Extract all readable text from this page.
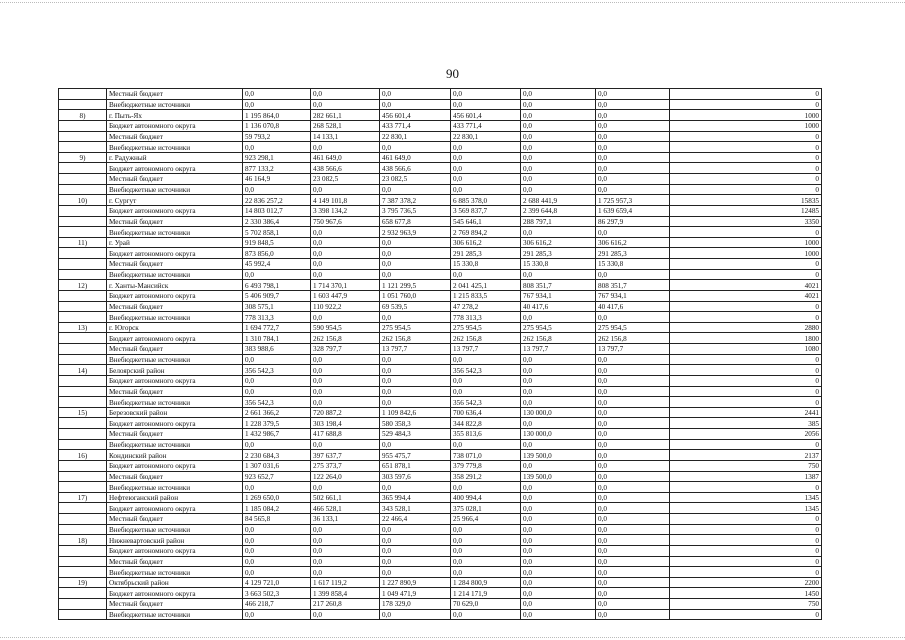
90
	Местный бюджет	0,0	0,0	0,0	0,0	0,0	0,0	0
	Внебюджетные источники	0,0	0,0	0,0	0,0	0,0	0,0	0
8)	г. Пыть-Ях	1 195 864,0	282 661,1	456 601,4	456 601,4	0,0	0,0	1000
	Бюджет автономного округа	1 136 070,8	268 528,1	433 771,4	433 771,4	0,0	0,0	1000
	Местный бюджет	59 793,2	14 133,1	22 830,1	22 830,1	0,0	0,0	0
	Внебюджетные источники	0,0	0,0	0,0	0,0	0,0	0,0	0
9)	г. Радужный	923 298,1	461 649,0	461 649,0	0,0	0,0	0,0	0
	Бюджет автономного округа	877 133,2	438 566,6	438 566,6	0,0	0,0	0,0	0
	Местный бюджет	46 164,9	23 082,5	23 082,5	0,0	0,0	0,0	0
	Внебюджетные источники	0,0	0,0	0,0	0,0	0,0	0,0	0
10)	г. Сургут	22 836 257,2	4 149 101,8	7 387 378,2	6 885 378,0	2 688 441,9	1 725 957,3	15835
	Бюджет автономного округа	14 803 012,7	3 398 134,2	3 795 736,5	3 569 837,7	2 399 644,8	1 639 659,4	12485
	Местный бюджет	2 330 386,4	750 967,6	658 677,8	545 646,1	288 797,1	86 297,9	3350
	Внебюджетные источники	5 702 858,1	0,0	2 932 963,9	2 769 894,2	0,0	0,0	0
11)	г. Урай	919 848,5	0,0	0,0	306 616,2	306 616,2	306 616,2	1000
	Бюджет автономного округа	873 856,0	0,0	0,0	291 285,3	291 285,3	291 285,3	1000
	Местный бюджет	45 992,4	0,0	0,0	15 330,8	15 330,8	15 330,8	0
	Внебюджетные источники	0,0	0,0	0,0	0,0	0,0	0,0	0
12)	г. Ханты-Мансийск	6 493 798,1	1 714 370,1	1 121 299,5	2 041 425,1	808 351,7	808 351,7	4021
	Бюджет автономного округа	5 406 909,7	1 603 447,9	1 051 760,0	1 215 833,5	767 934,1	767 934,1	4021
	Местный бюджет	308 575,1	110 922,2	69 539,5	47 278,2	40 417,6	40 417,6	0
	Внебюджетные источники	778 313,3	0,0	0,0	778 313,3	0,0	0,0	0
13)	г. Югорск	1 694 772,7	590 954,5	275 954,5	275 954,5	275 954,5	275 954,5	2880
	Бюджет автономного округа	1 310 784,1	262 156,8	262 156,8	262 156,8	262 156,8	262 156,8	1800
	Местный бюджет	383 988,6	328 797,7	13 797,7	13 797,7	13 797,7	13 797,7	1080
	Внебюджетные источники	0,0	0,0	0,0	0,0	0,0	0,0	0
14)	Белоярский район	356 542,3	0,0	0,0	356 542,3	0,0	0,0	0
	Бюджет автономного округа	0,0	0,0	0,0	0,0	0,0	0,0	0
	Местный бюджет	0,0	0,0	0,0	0,0	0,0	0,0	0
	Внебюджетные источники	356 542,3	0,0	0,0	356 542,3	0,0	0,0	0
15)	Березовский район	2 661 366,2	720 887,2	1 109 842,6	700 636,4	130 000,0	0,0	2441
	Бюджет автономного округа	1 228 379,5	303 198,4	580 358,3	344 822,8	0,0	0,0	385
	Местный бюджет	1 432 986,7	417 688,8	529 484,3	355 813,6	130 000,0	0,0	2056
	Внебюджетные источники	0,0	0,0	0,0	0,0	0,0	0,0	0
16)	Кондинский район	2 230 684,3	397 637,7	955 475,7	738 071,0	139 500,0	0,0	2137
	Бюджет автономного округа	1 307 031,6	275 373,7	651 878,1	379 779,8	0,0	0,0	750
	Местный бюджет	923 652,7	122 264,0	303 597,6	358 291,2	139 500,0	0,0	1387
	Внебюджетные источники	0,0	0,0	0,0	0,0	0,0	0,0	0
17)	Нефтеюганский район	1 269 650,0	502 661,1	365 994,4	400 994,4	0,0	0,0	1345
	Бюджет автономного округа	1 185 084,2	466 528,1	343 528,1	375 028,1	0,0	0,0	1345
	Местный бюджет	84 565,8	36 133,1	22 466,4	25 966,4	0,0	0,0	0
	Внебюджетные источники	0,0	0,0	0,0	0,0	0,0	0,0	0
18)	Нижневартовский район	0,0	0,0	0,0	0,0	0,0	0,0	0
	Бюджет автономного округа	0,0	0,0	0,0	0,0	0,0	0,0	0
	Местный бюджет	0,0	0,0	0,0	0,0	0,0	0,0	0
	Внебюджетные источники	0,0	0,0	0,0	0,0	0,0	0,0	0
19)	Октябрьский район	4 129 721,0	1 617 119,2	1 227 890,9	1 284 800,9	0,0	0,0	2200
	Бюджет автономного округа	3 663 502,3	1 399 858,4	1 049 471,9	1 214 171,9	0,0	0,0	1450
	Местный бюджет	466 218,7	217 260,8	178 329,0	70 629,0	0,0	0,0	750
	Внебюджетные источники	0,0	0,0	0,0	0,0	0,0	0,0	0
